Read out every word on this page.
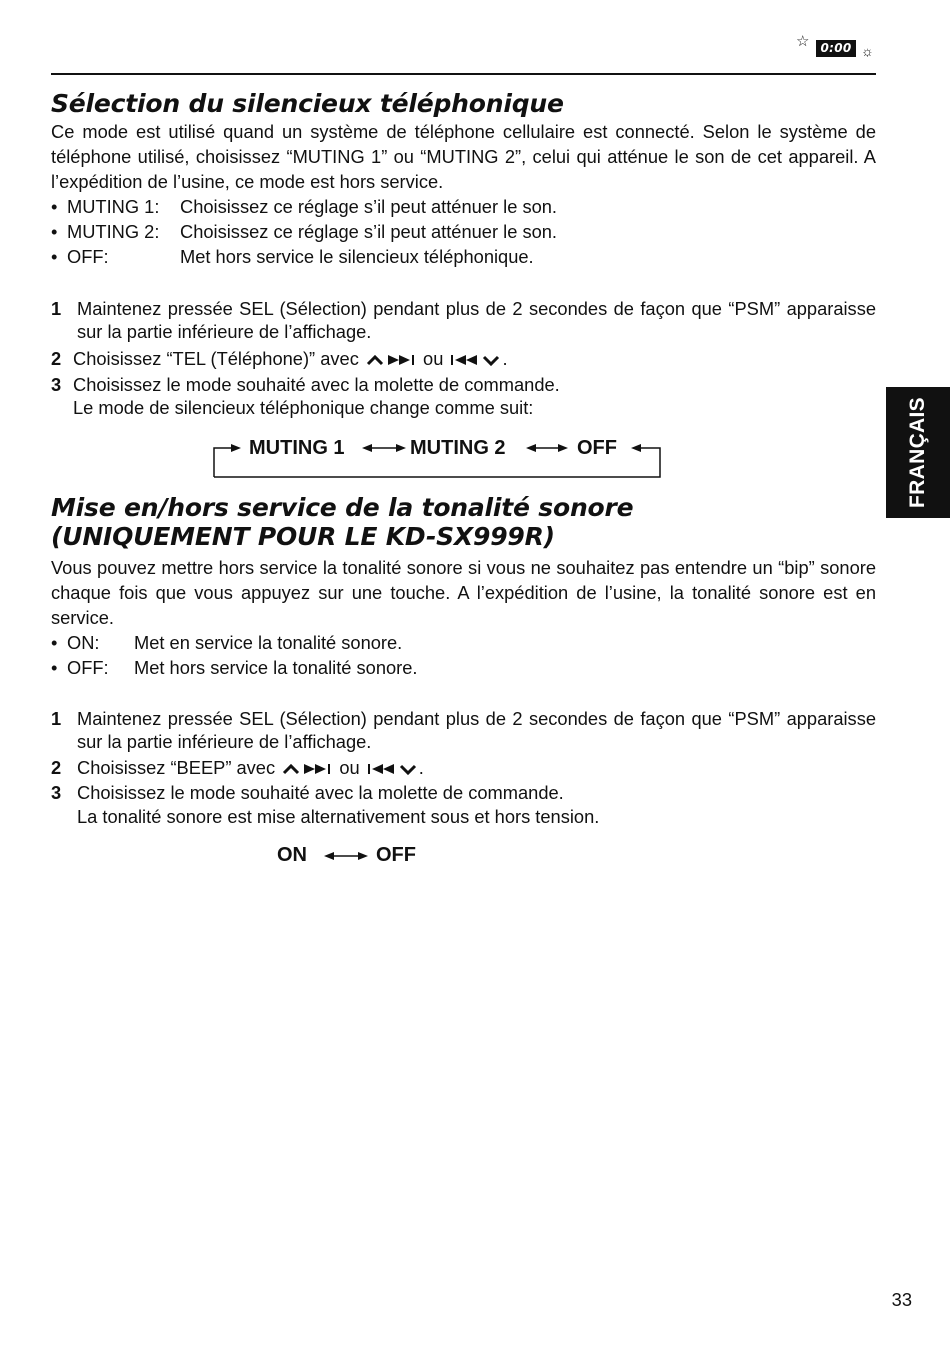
☆ 0:00 ☼
Sélection du silencieux téléphonique

Ce mode est utilisé quand un système de téléphone cellulaire est connecté. Selon le système de téléphone utilisé, choisissez “MUTING 1” ou “MUTING 2”, celui qui atténue le son de cet appareil. A l’expédition de l’usine, ce mode est hors service.

• MUTING 1: Choisissez ce réglage s’il peut atténuer le son.
• MUTING 2: Choisissez ce réglage s’il peut atténuer le son.
• OFF:	Met hors service le silencieux téléphonique.
1 Maintenez pressée SEL (Sélection) pendant plus de 2 secondes de façon que “PSM” apparaisse sur la partie inférieure de l’affichage.
2 Choisissez “TEL (Téléphone)” avec	ou	.
3 Choisissez le mode souhaité avec la molette de commande.
Le mode de silencieux téléphonique change comme suit:
MUTING 1	MUTING 2	OFF
Mise en/hors service de la tonalité sonore
(UNIQUEMENT POUR LE KD-SX999R)

Vous pouvez mettre hors service la tonalité sonore si vous ne souhaitez pas entendre un “bip” sonore chaque fois que vous appuyez sur une touche. A l’expédition de l’usine, la tonalité sonore est en service.

• ON: Met en service la tonalité sonore.
• OFF: Met hors service la tonalité sonore.
1 Maintenez pressée SEL (Sélection) pendant plus de 2 secondes de façon que “PSM” apparaisse sur la partie inférieure de l’affichage.
2 Choisissez “BEEP” avec	ou	.
3 Choisissez le mode souhaité avec la molette de commande.
La tonalité sonore est mise alternativement sous et hors tension.
ON	OFF
FRANÇAIS
33
